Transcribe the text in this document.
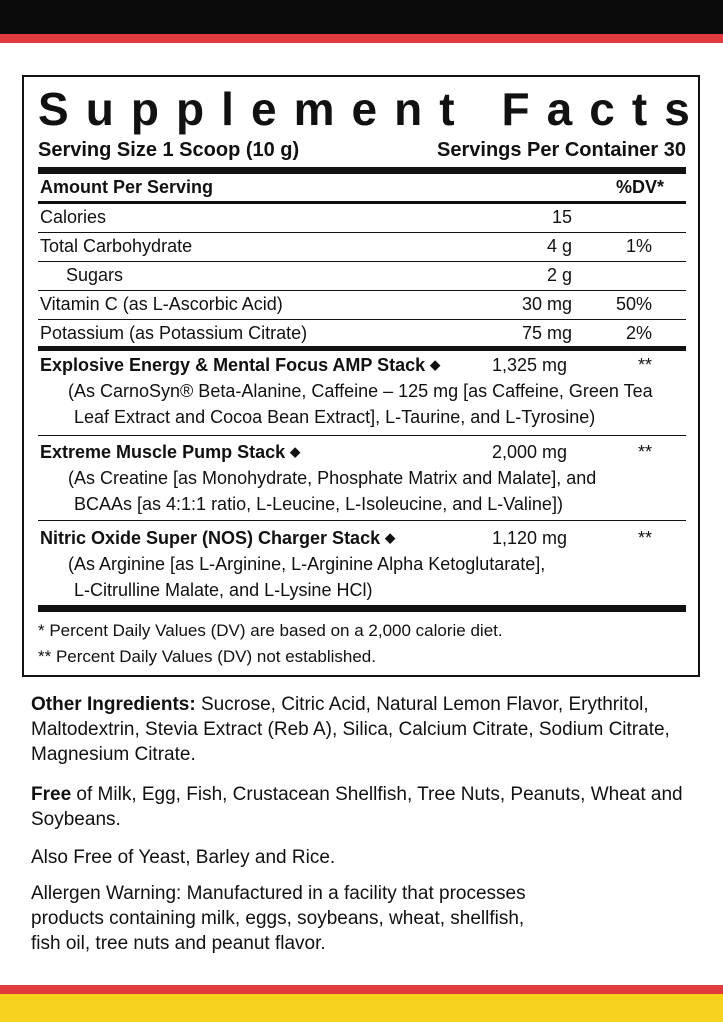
S u p p l e m e n t
F a c t s
Serving Size 1 Scoop (10 g)	Servings Per Container 30
Amount Per Serving	%DV*
Calories	15
Total Carbohydrate	4 g	1%
Sugars	2 g
Vitamin C (as L-Ascorbic Acid)	30 mg 50%
Potassium (as Potassium Citrate)	75 mg	2%
Explosive Energy & Mental Focus AMP Stack ◆	1,325 mg	**
(As CarnoSyn® Beta-Alanine, Caffeine – 125 mg [as Caffeine, Green Tea
Leaf Extract and Cocoa Bean Extract], L-Taurine, and L-Tyrosine)
Extreme Muscle Pump Stack ◆	2,000 mg	**
(As Creatine [as Monohydrate, Phosphate Matrix and Malate], and
BCAAs [as 4:1:1 ratio, L-Leucine, L-Isoleucine, and L-Valine])
Nitric Oxide Super (NOS) Charger Stack ◆	1,120 mg	**
(As Arginine [as L-Arginine, L-Arginine Alpha Ketoglutarate],
L-Citrulline Malate, and L-Lysine HCl)
* Percent Daily Values (DV) are based on a 2,000 calorie diet.
** Percent Daily Values (DV) not established.
Other Ingredients: Sucrose, Citric Acid, Natural Lemon Flavor, Erythritol, Maltodextrin, Stevia Extract (Reb A), Silica, Calcium Citrate, Sodium Citrate, Magnesium Citrate.
Free of Milk, Egg, Fish, Crustacean Shellfish, Tree Nuts, Peanuts, Wheat and Soybeans.
Also Free of Yeast, Barley and Rice.
Allergen Warning: Manufactured in a facility that processes
products containing milk, eggs, soybeans, wheat, shellfish,
fish oil, tree nuts and peanut flavor.
